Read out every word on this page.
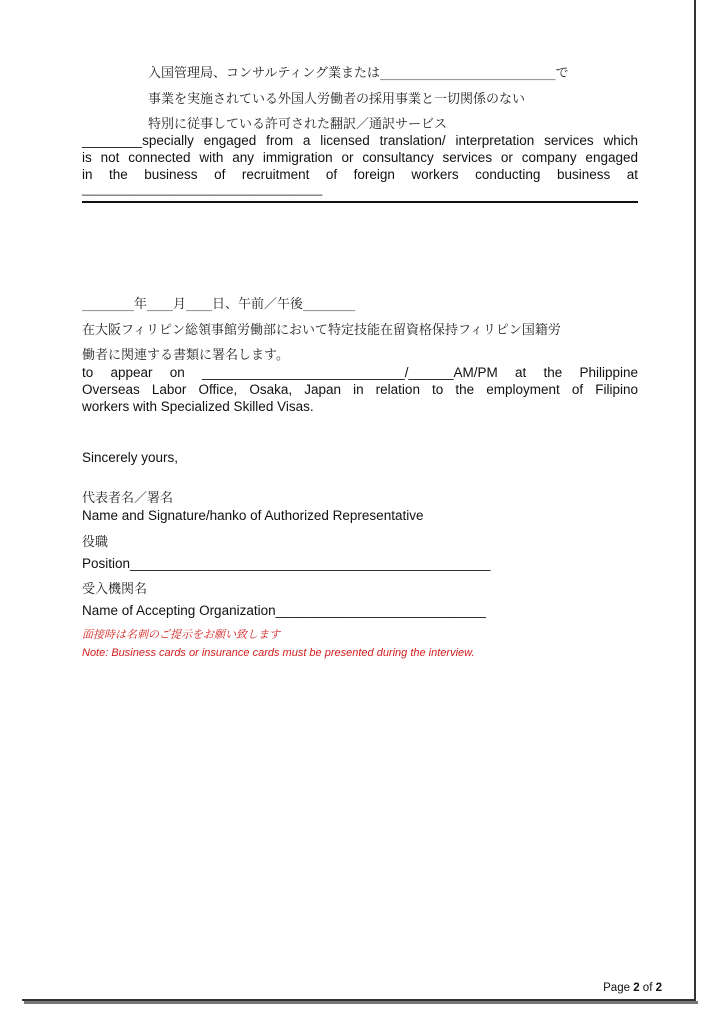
入国管理局、コンサルティング業または___________________________で
事業を実施されている外国人労働者の採用事業と一切関係のない
特別に従事している許可された翻訳／通訳サービス
________specially engaged from a licensed translation/ interpretation services which
is not connected with any immigration or consultancy services or company engaged
in the business of recruitment of foreign workers conducting business at
____________________________________
________年____月____日、午前／午後________
在大阪フィリピン総領事館労働部において特定技能在留資格保持フィリピン国籍労
働者に関連する書類に署名します。
to appear on ___________________________/______AM/PM at the Philippine
Overseas Labor Office, Osaka, Japan in relation to the employment of Filipino
workers with Specialized Skilled Visas.
Sincerely yours,
代表者名／署名
Name and Signature/hanko of Authorized Representative
役職
Position________________________________________________
受入機関名
Name of Accepting Organization____________________________
面接時は名刺のご提示をお願い致します
Note: Business cards or insurance cards must be presented during the interview.
Page 2 of 2
